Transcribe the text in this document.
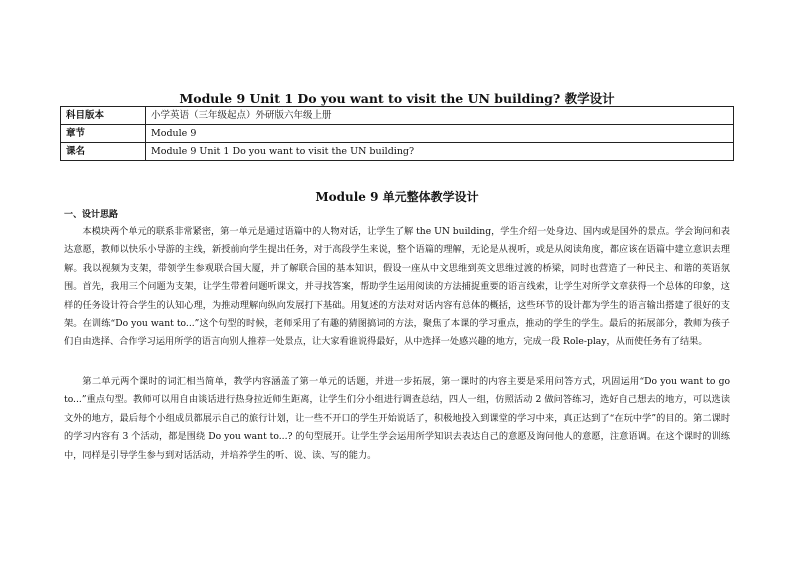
Module 9 Unit 1 Do you want to visit the UN building? 教学设计
科目版本	小学英语（三年级起点）外研版六年级上册
章节	Module 9
课名	Module 9 Unit 1 Do you want to visit the UN building?
Module 9 单元整体教学设计
一、设计思路

本模块两个单元的联系非常紧密，第一单元是通过语篇中的人物对话，让学生了解 the UN building，学生介绍一处身边、国内或是国外的景点。学会询问和表达意愿，教师以快乐小导游的主线，新授前向学生提出任务，对于高段学生来说，整个语篇的理解，无论是从视听，或是从阅读角度，都应该在语篇中建立意识去理解。我以视频为支架，带领学生参观联合国大厦，并了解联合国的基本知识，假设一座从中文思维到英文思维过渡的桥梁，同时也营造了一种民主、和谐的英语氛围。首先，我用三个问题为支架，让学生带着问题听课文，并寻找答案，帮助学生运用阅读的方法捕捉重要的语言线索，让学生对所学文章获得一个总体的印象，这样的任务设计符合学生的认知心理，为推动理解向纵向发展打下基础。用复述的方法对对话内容有总体的概括，这些环节的设计都为学生的语言输出搭建了很好的支架。在训练“Do you want to...”这个句型的时候，老师采用了有趣的猜图搞词的方法，聚焦了本课的学习重点，推动的学生的学生。最后的拓展部分，教师为孩子们自由选择、合作学习运用所学的语言向别人推荐一处景点，让大家看谁说得最好，从中选择一处感兴趣的地方，完成一段 Role-play，从而使任务有了结果。

第二单元两个课时的词汇相当简单，教学内容涵盖了第一单元的话题，并进一步拓展，第一课时的内容主要是采用问答方式，巩固运用“Do you want to go to...”重点句型。教师可以用自由谈话进行热身拉近师生距离，让学生们分小组进行调查总结，四人一组，仿照活动 2 做问答练习，选好自己想去的地方，可以选读文外的地方，最后每个小组成员都展示自己的旅行计划，让一些不开口的学生开始说话了，积极地投入到课堂的学习中来，真正达到了“在玩中学”的目的。第二课时的学习内容有 3 个活动，都是围绕 Do you want to...? 的句型展开。让学生学会运用所学知识去表达自己的意愿及询问他人的意愿，注意语调。在这个课时的训练中，同样是引导学生参与到对话活动，并培养学生的听、说、读、写的能力。
